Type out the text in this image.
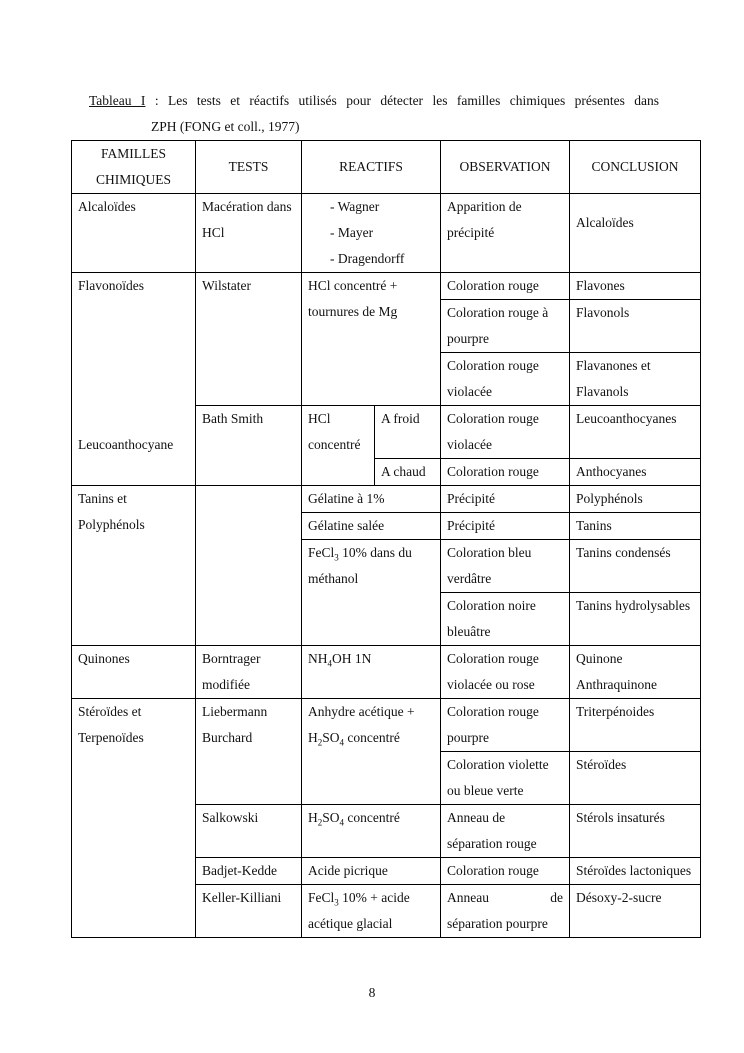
Tableau I : Les tests et réactifs utilisés pour détecter les familles chimiques présentes dans
ZPH (FONG et coll., 1977)
FAMILLES
CHIMIQUES	TESTS	REACTIFS		OBSERVATION	CONCLUSION
Alcaloïdes	Macération dans HCl	- Wagner
- Mayer
- Dragendorff		Apparition de précipité	Alcaloïdes
Flavonoïdes	Wilstater	HCl concentré + tournures de Mg		Coloration rouge	Flavones
				Coloration rouge à pourpre	Flavonols
				Coloration rouge violacée	Flavanones et Flavanols
Leucoanthocyane	Bath Smith	HCl concentré	A froid	Coloration rouge violacée	Leucoanthocyanes
			A chaud	Coloration rouge	Anthocyanes
Tanins et Polyphénols		Gélatine à 1%		Précipité	Polyphénols
		Gélatine salée		Précipité	Tanins
		FeCl$_3$ 10% dans du méthanol		Coloration bleu verdâtre	Tanins condensés
				Coloration noire bleuâtre	Tanins hydrolysables
Quinones	Borntrager modifiée	$NH_4OH$ 1N		Coloration rouge violacée ou rose	Quinone Anthraquinone
Stéroïdes et Terpenoïdes	Liebermann Burchard	Anhydre acétique + $H_2SO_4$ concentré		Coloration rouge pourpre	Triterpénoides
				Coloration violette ou bleue verte	Stéroïdes
	Salkowski	$H_2SO_4$ concentré		Anneau de séparation rouge	Stérols insaturés
	Badjet-Kedde	Acide picrique		Coloration rouge	Stéroïdes lactoniques
	Keller-Killiani	FeCl$_3$ 10% + acide acétique glacial		Anneau de
séparation pourpre	Désoxy-2-sucre
8
